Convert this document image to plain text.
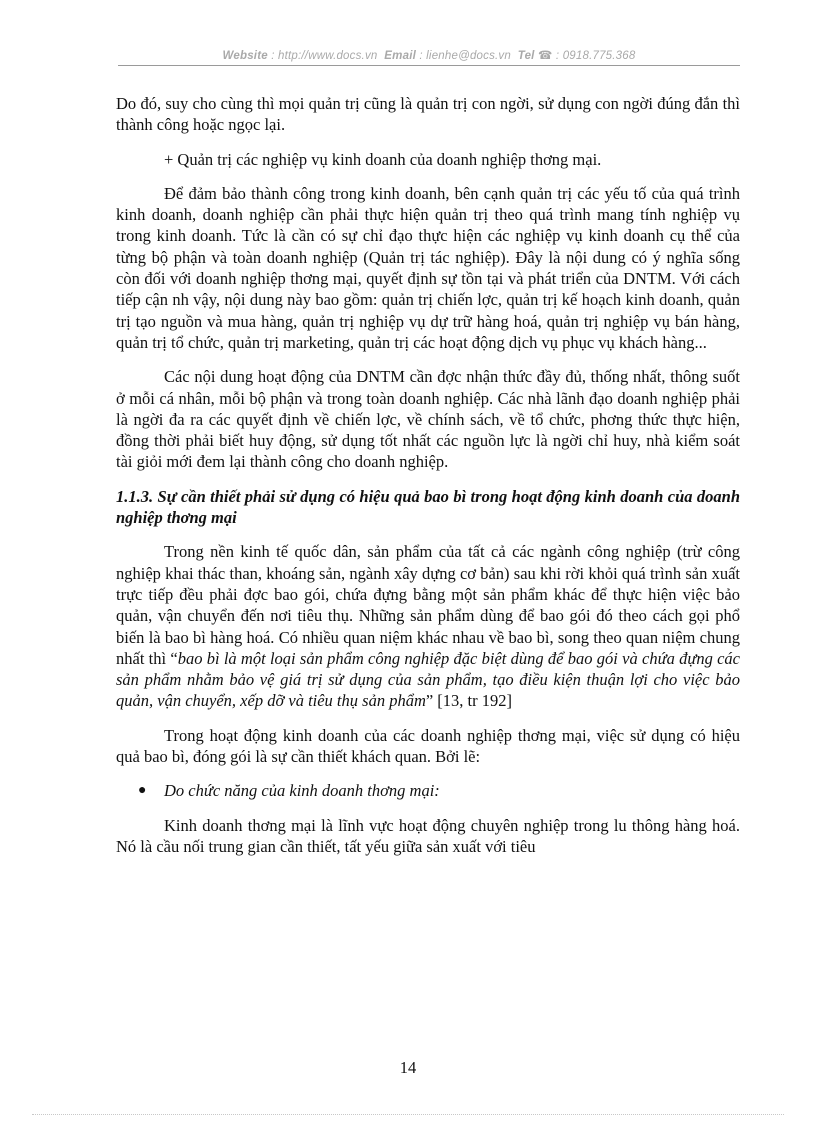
Website : http://www.docs.vn Email : lienhe@docs.vn Tel ☎ : 0918.775.368

Do đó, suy cho cùng thì mọi quản trị cũng là quản trị con ngời, sử dụng con ngời đúng đắn thì thành công hoặc ngọc lại.

+ Quản trị các nghiệp vụ kinh doanh của doanh nghiệp thơng mại.

Để đảm bảo thành công trong kinh doanh, bên cạnh quản trị các yếu tố của quá trình kinh doanh, doanh nghiệp cần phải thực hiện quản trị theo quá trình mang tính nghiệp vụ trong kinh doanh. Tức là cần có sự chỉ đạo thực hiện các nghiệp vụ kinh doanh cụ thể của từng bộ phận và toàn doanh nghiệp (Quản trị tác nghiệp). Đây là nội dung có ý nghĩa sống còn đối với doanh nghiệp thơng mại, quyết định sự tồn tại và phát triển của DNTM. Với cách tiếp cận nh vậy, nội dung này bao gồm: quản trị chiến lợc, quản trị kế hoạch kinh doanh, quản trị tạo nguồn và mua hàng, quản trị nghiệp vụ dự trữ hàng hoá, quản trị nghiệp vụ bán hàng, quản trị tổ chức, quản trị marketing, quản trị các hoạt động dịch vụ phục vụ khách hàng...

Các nội dung hoạt động của DNTM cần đợc nhận thức đầy đủ, thống nhất, thông suốt ở mỗi cá nhân, mỗi bộ phận và trong toàn doanh nghiệp. Các nhà lãnh đạo doanh nghiệp phải là ngời đa ra các quyết định về chiến lợc, về chính sách, về tổ chức, phơng thức thực hiện, đồng thời phải biết huy động, sử dụng tốt nhất các nguồn lực là ngời chỉ huy, nhà kiểm soát tài giỏi mới đem lại thành công cho doanh nghiệp.

1.1.3. Sự cần thiết phải sử dụng có hiệu quả bao bì trong hoạt động kinh doanh của doanh nghiệp thơng mại

Trong nền kinh tế quốc dân, sản phẩm của tất cả các ngành công nghiệp (trừ công nghiệp khai thác than, khoáng sản, ngành xây dựng cơ bản) sau khi rời khỏi quá trình sản xuất trực tiếp đều phải đợc bao gói, chứa đựng bằng một sản phẩm khác để thực hiện việc bảo quản, vận chuyển đến nơi tiêu thụ. Những sản phẩm dùng để bao gói đó theo cách gọi phổ biến là bao bì hàng hoá. Có nhiều quan niệm khác nhau về bao bì, song theo quan niệm chung nhất thì “bao bì là một loại sản phẩm công nghiệp đặc biệt dùng để bao gói và chứa đựng các sản phẩm nhằm bảo vệ giá trị sử dụng của sản phẩm, tạo điều kiện thuận lợi cho việc bảo quản, vận chuyển, xếp dỡ và tiêu thụ sản phẩm” [13, tr 192]

Trong hoạt động kinh doanh của các doanh nghiệp thơng mại, việc sử dụng có hiệu quả bao bì, đóng gói là sự cần thiết khách quan. Bởi lẽ:

●	Do chức năng của kinh doanh thơng mại:

Kinh doanh thơng mại là lĩnh vực hoạt động chuyên nghiệp trong lu thông hàng hoá. Nó là cầu nối trung gian cần thiết, tất yếu giữa sản xuất với tiêu

14
